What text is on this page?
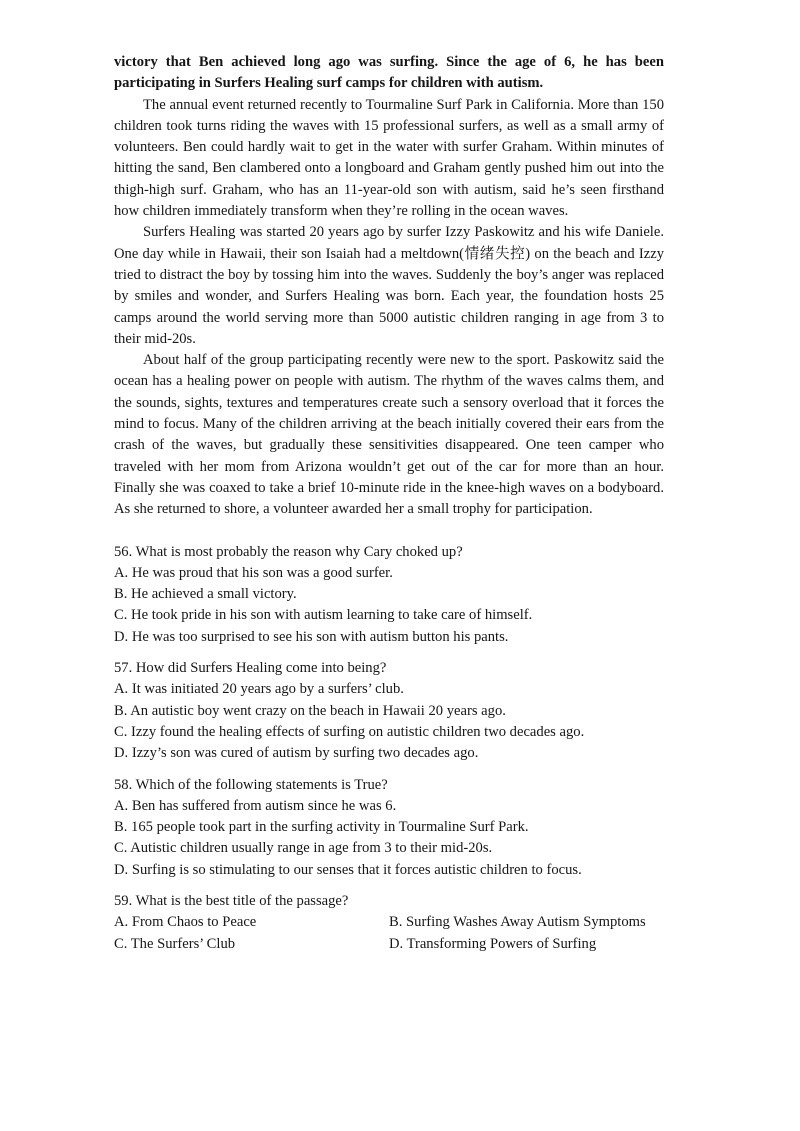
victory that Ben achieved long ago was surfing. Since the age of 6, he has been participating in Surfers Healing surf camps for children with autism.

The annual event returned recently to Tourmaline Surf Park in California. More than 150 children took turns riding the waves with 15 professional surfers, as well as a small army of volunteers. Ben could hardly wait to get in the water with surfer Graham. Within minutes of hitting the sand, Ben clambered onto a longboard and Graham gently pushed him out into the thigh-high surf. Graham, who has an 11-year-old son with autism, said he’s seen firsthand how children immediately transform when they’re rolling in the ocean waves.

Surfers Healing was started 20 years ago by surfer Izzy Paskowitz and his wife Daniele. One day while in Hawaii, their son Isaiah had a meltdown(情绪失控) on the beach and Izzy tried to distract the boy by tossing him into the waves. Suddenly the boy’s anger was replaced by smiles and wonder, and Surfers Healing was born. Each year, the foundation hosts 25 camps around the world serving more than 5000 autistic children ranging in age from 3 to their mid-20s.

About half of the group participating recently were new to the sport. Paskowitz said the ocean has a healing power on people with autism. The rhythm of the waves calms them, and the sounds, sights, textures and temperatures create such a sensory overload that it forces the mind to focus. Many of the children arriving at the beach initially covered their ears from the crash of the waves, but gradually these sensitivities disappeared. One teen camper who traveled with her mom from Arizona wouldn’t get out of the car for more than an hour. Finally she was coaxed to take a brief 10-minute ride in the knee-high waves on a bodyboard. As she returned to shore, a volunteer awarded her a small trophy for participation.

56. What is most probably the reason why Cary choked up?

A. He was proud that his son was a good surfer.

B. He achieved a small victory.

C. He took pride in his son with autism learning to take care of himself.

D. He was too surprised to see his son with autism button his pants.

57. How did Surfers Healing come into being?

A. It was initiated 20 years ago by a surfers’ club.

B. An autistic boy went crazy on the beach in Hawaii 20 years ago.

C. Izzy found the healing effects of surfing on autistic children two decades ago.

D. Izzy’s son was cured of autism by surfing two decades ago.

58. Which of the following statements is True?

A. Ben has suffered from autism since he was 6.

B. 165 people took part in the surfing activity in Tourmaline Surf Park.

C. Autistic children usually range in age from 3 to their mid-20s.

D. Surfing is so stimulating to our senses that it forces autistic children to focus.

59. What is the best title of the passage?

A. From Chaos to Peace	B. Surfing Washes Away Autism Symptoms

C. The Surfers’ Club	D. Transforming Powers of Surfing
